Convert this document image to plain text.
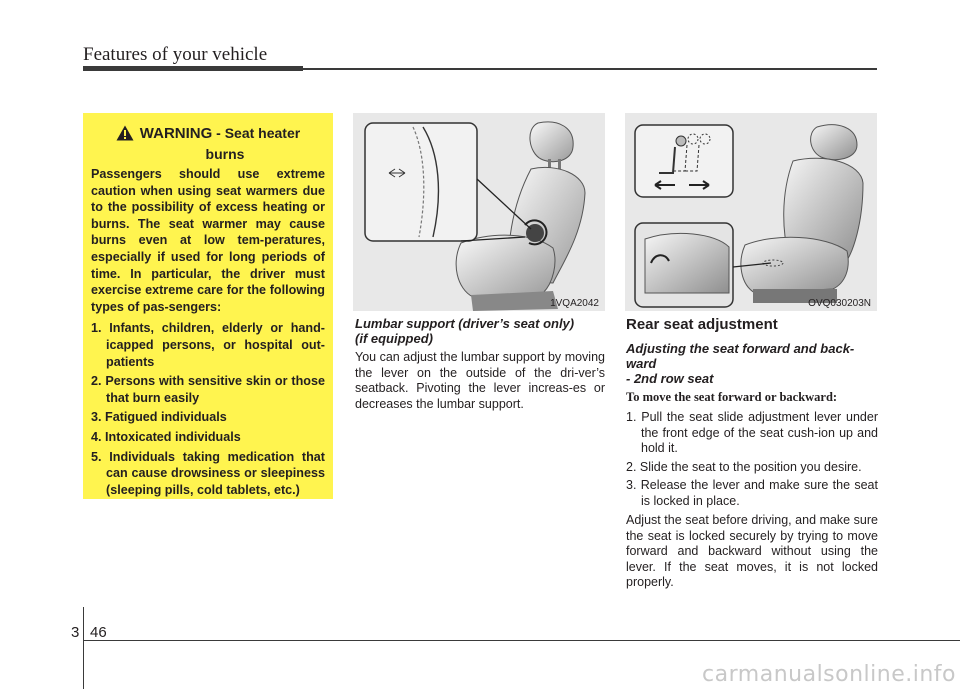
Features of your vehicle
WARNING - Seat heater
burns

Passengers should use extreme caution when using seat warmers due to the possibility of excess heating or burns. The seat warmer may cause burns even at low tem-peratures, especially if used for long periods of time. In particular, the driver must exercise extreme care for the following types of pas-sengers:

1. Infants, children, elderly or hand-icapped persons, or hospital out-patients
2. Persons with sensitive skin or those that burn easily
3. Fatigued individuals
4. Intoxicated individuals
5. Individuals taking medication that can cause drowsiness or sleepiness (sleeping pills, cold tablets, etc.)
1VQA2042	OVQ030203N

Lumbar support (driver’s seat only)
(if equipped)

You can adjust the lumbar support by moving the lever on the outside of the dri-ver’s seatback. Pivoting the lever increas-es or decreases the lumbar support.

Rear seat adjustment

Adjusting the seat forward and back-
ward
- 2nd row seat

To move the seat forward or backward:

1. Pull the seat slide adjustment lever under the front edge of the seat cush-ion up and hold it.
2. Slide the seat to the position you desire.
3. Release the lever and make sure the seat is locked in place.

Adjust the seat before driving, and make sure the seat is locked securely by trying to move forward and backward without using the lever. If the seat moves, it is not locked properly.

3 46
carmanualsonline.info
